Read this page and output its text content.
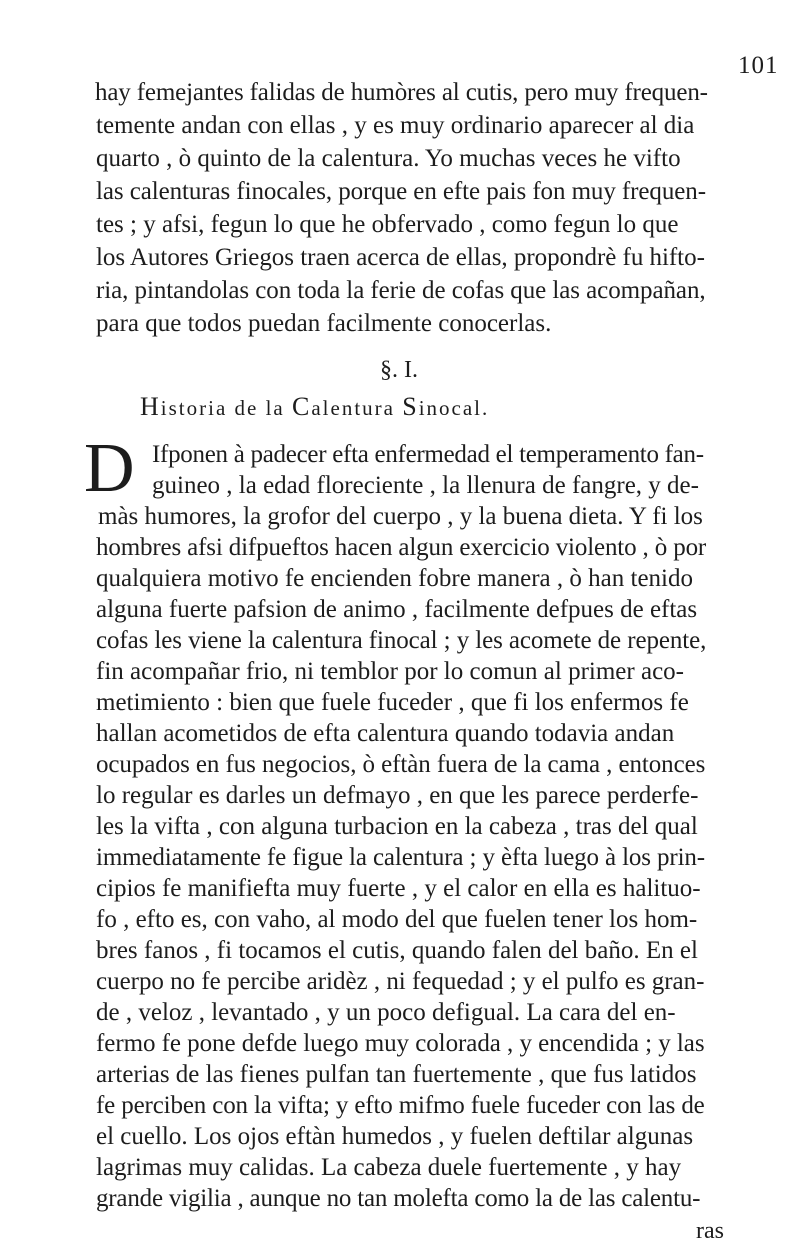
101
hay femejantes falidas de humòres al cutis, pero muy frequen-
temente andan con ellas , y es muy ordinario aparecer al dia
quarto , ò quinto de la calentura. Yo muchas veces he vifto
las calenturas finocales, porque en efte pais fon muy frequen-
tes ; y afsi, fegun lo que he obfervado , como fegun lo que
los Autores Griegos traen acerca de ellas, propondrè fu hifto-
ria, pintandolas con toda la ferie de cofas que las acompañan,
para que todos puedan facilmente conocerlas.
§. I.
Historia de la Calentura Sinocal.
D Ifponen à padecer efta enfermedad el temperamento fan-
guineo , la edad floreciente , la llenura de fangre, y de-
màs humores, la grofor del cuerpo , y la buena dieta. Y fi los
hombres afsi difpueftos hacen algun exercicio violento , ò por
qualquiera motivo fe encienden fobre manera , ò han tenido
alguna fuerte pafsion de animo , facilmente defpues de eftas
cofas les viene la calentura finocal ; y les acomete de repente,
fin acompañar frio, ni temblor por lo comun al primer aco-
metimiento : bien que fuele fuceder , que fi los enfermos fe
hallan acometidos de efta calentura quando todavia andan
ocupados en fus negocios, ò eftàn fuera de la cama , entonces
lo regular es darles un defmayo , en que les parece perderfe-
les la vifta , con alguna turbacion en la cabeza , tras del qual
immediatamente fe figue la calentura ; y èfta luego à los prin-
cipios fe manifiefta muy fuerte , y el calor en ella es halituo-
fo , efto es, con vaho, al modo del que fuelen tener los hom-
bres fanos , fi tocamos el cutis, quando falen del baño. En el
cuerpo no fe percibe aridèz , ni fequedad ; y el pulfo es gran-
de , veloz , levantado , y un poco defigual. La cara del en-
fermo fe pone defde luego muy colorada , y encendida ; y las
arterias de las fienes pulfan tan fuertemente , que fus latidos
fe perciben con la vifta; y efto mifmo fuele fuceder con las de
el cuello. Los ojos eftàn humedos , y fuelen deftilar algunas
lagrimas muy calidas. La cabeza duele fuertemente , y hay
grande vigilia , aunque no tan molefta como la de las calentu-
ras
